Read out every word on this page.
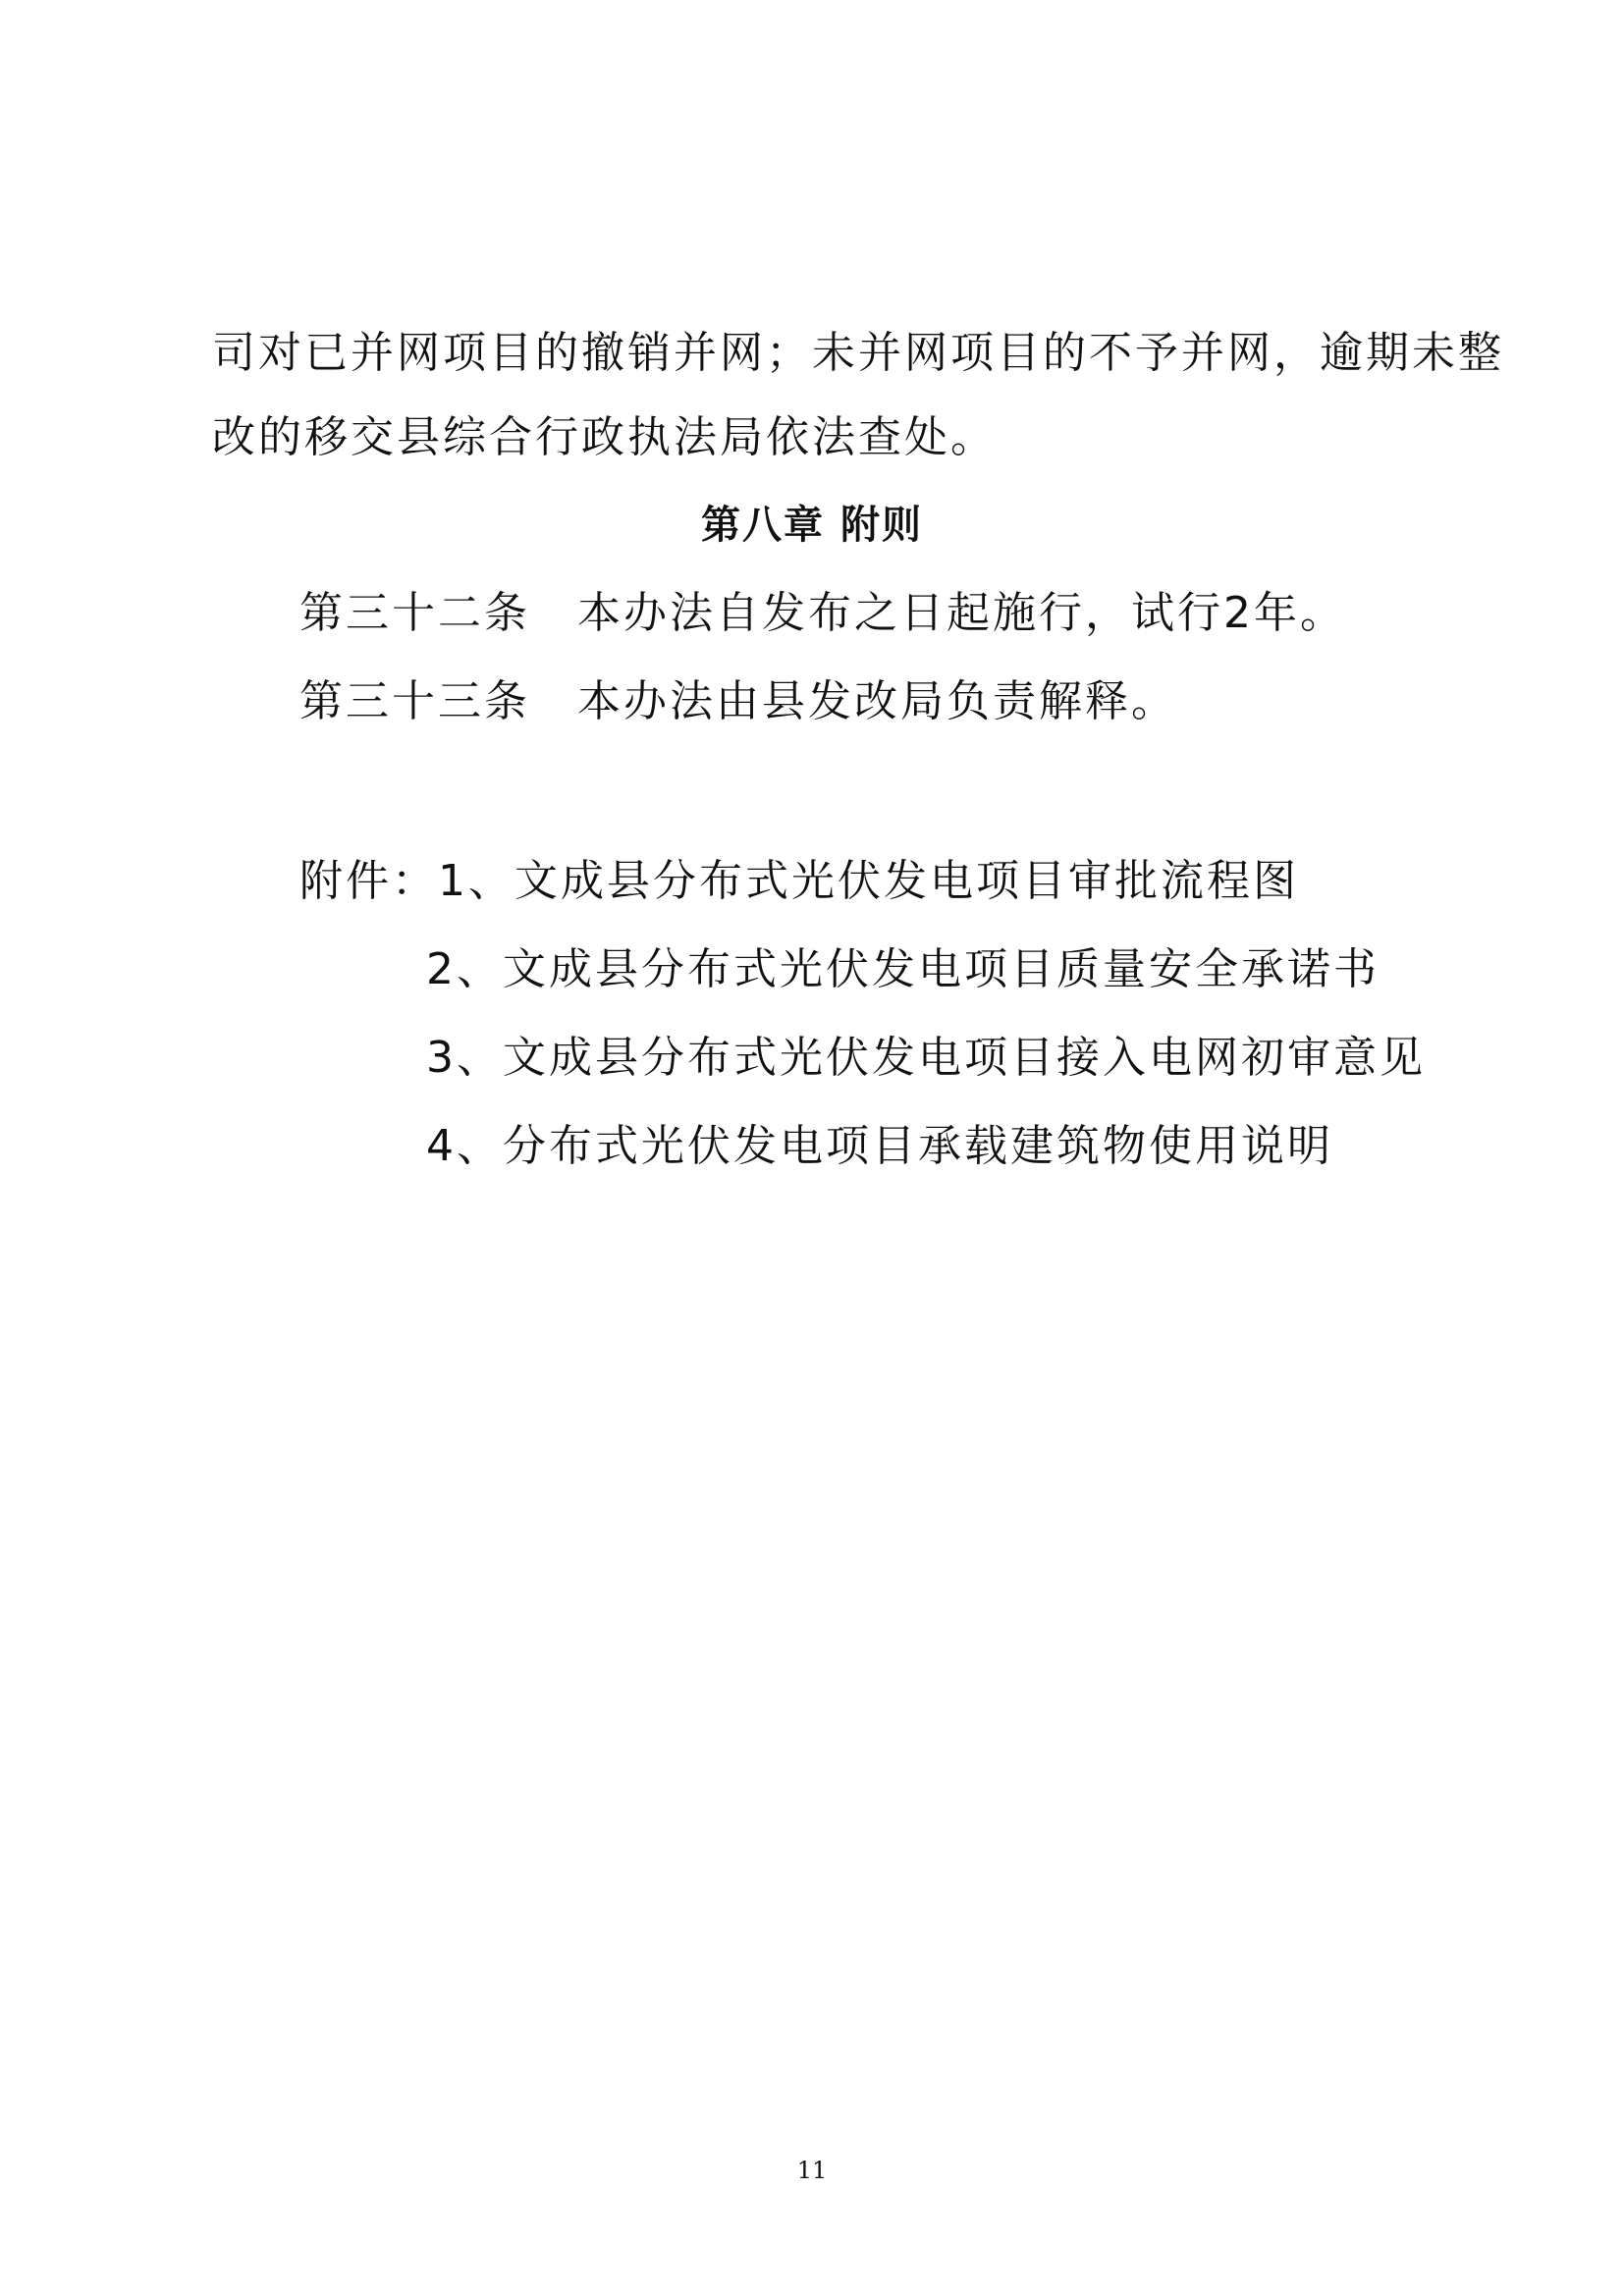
司对已并网项目的撤销并网；未并网项目的不予并网，逾期未整
改的移交县综合行政执法局依法查处。
第八章 附则
第三十二条 本办法自发布之日起施行，试行2年。
第三十三条 本办法由县发改局负责解释。
附件：1、文成县分布式光伏发电项目审批流程图
2、文成县分布式光伏发电项目质量安全承诺书
3、文成县分布式光伏发电项目接入电网初审意见
4、分布式光伏发电项目承载建筑物使用说明
11
